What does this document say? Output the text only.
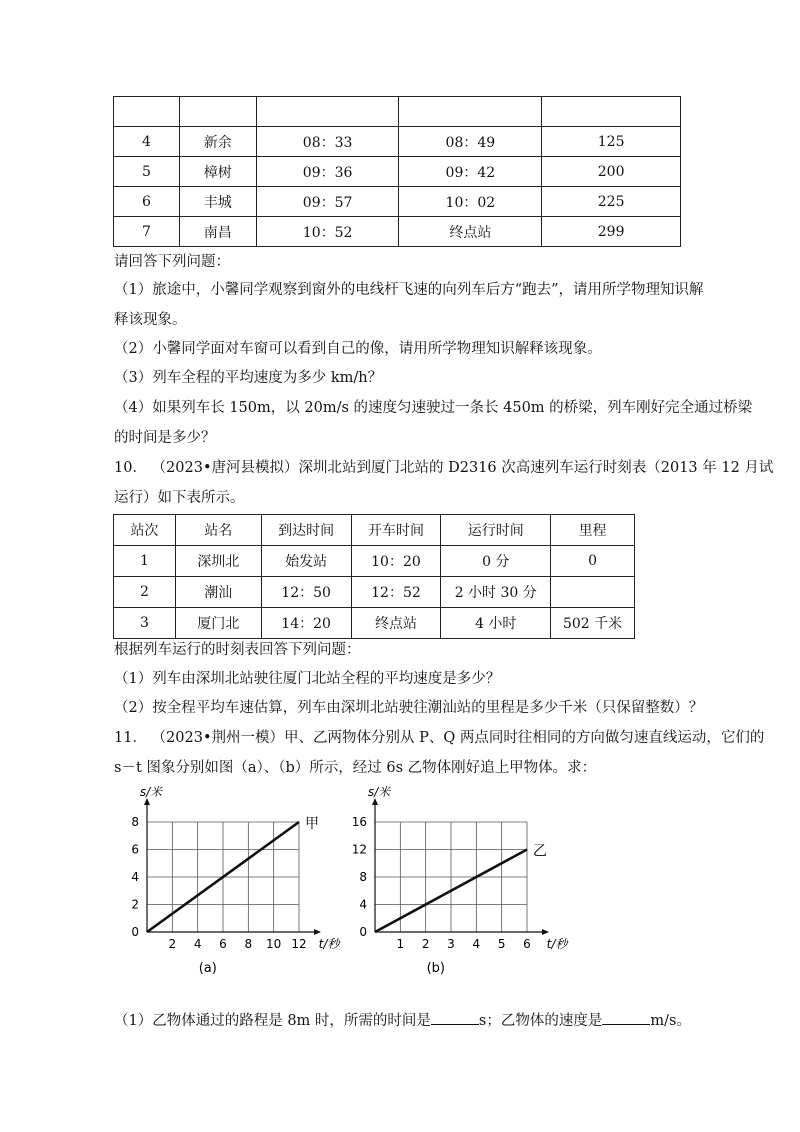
4	新余	08：33	08：49	125
5	樟树	09：36	09：42	200
6	丰城	09：57	10：02	225
7	南昌	10：52	终点站	299
请回答下列问题：
（1）旅途中，小馨同学观察到窗外的电线杆飞速的向列车后方“跑去”，请用所学物理知识解
释该现象。
（2）小馨同学面对车窗可以看到自己的像，请用所学物理知识解释该现象。
（3）列车全程的平均速度为多少 km/h？
（4）如果列车长 150m，以 20m/s 的速度匀速驶过一条长 450m 的桥梁，列车刚好完全通过桥梁
的时间是多少？
10． （2023•唐河县模拟）深圳北站到厦门北站的 D2316 次高速列车运行时刻表（2013 年 12 月试
运行）如下表所示。
站次	站名	到达时间	开车时间	运行时间	里程
1	深圳北	始发站	10：20	0 分	0
2	潮汕	12：50	12：52	2 小时 30 分	
3	厦门北	14：20	终点站	4 小时	502 千米
根据列车运行的时刻表回答下列问题：
（1）列车由深圳北站驶往厦门北站全程的平均速度是多少？
（2）按全程平均车速估算，列车由深圳北站驶往潮汕站的里程是多少千米（只保留整数）？
11． （2023•荆州一模）甲、乙两物体分别从 P、Q 两点同时往相同的方向做匀速直线运动，它们的
s－t 图象分别如图（a）、（b）所示，经过 6s 乙物体刚好追上甲物体。求：
2 4 6 8 10 12
2
4
6
8
0
t/秒
s/米
甲
(a)
1 2 3 4 5 6
4
8
12
16
0
t/秒
s/米
乙
(b)
（1）乙物体通过的路程是 8m 时，所需的时间是	s；乙物体的速度是	m/s。
